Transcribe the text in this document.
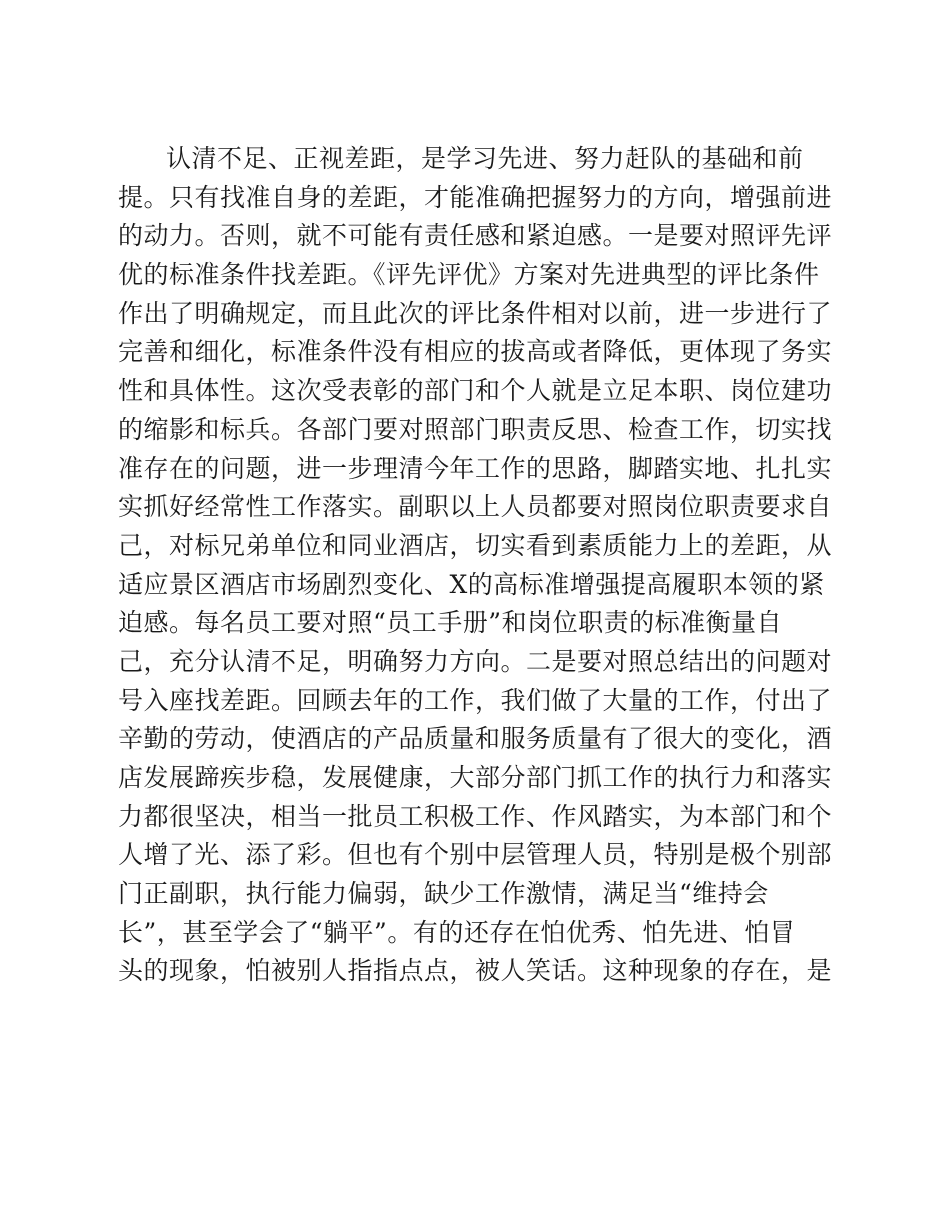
认清不足、正视差距，是学习先进、努力赶队的基础和前
提。只有找准自身的差距，才能准确把握努力的方向，增强前进
的动力。否则，就不可能有责任感和紧迫感。一是要对照评先评
优的标准条件找差距。《评先评优》方案对先进典型的评比条件
作出了明确规定，而且此次的评比条件相对以前，进一步进行了
完善和细化，标准条件没有相应的拔高或者降低，更体现了务实
性和具体性。这次受表彰的部门和个人就是立足本职、岗位建功
的缩影和标兵。各部门要对照部门职责反思、检查工作，切实找
准存在的问题，进一步理清今年工作的思路，脚踏实地、扎扎实
实抓好经常性工作落实。副职以上人员都要对照岗位职责要求自
己，对标兄弟单位和同业酒店，切实看到素质能力上的差距，从
适应景区酒店市场剧烈变化、X的高标准增强提高履职本领的紧
迫感。每名员工要对照“员工手册”和岗位职责的标准衡量自
己，充分认清不足，明确努力方向。二是要对照总结出的问题对
号入座找差距。回顾去年的工作，我们做了大量的工作，付出了
辛勤的劳动，使酒店的产品质量和服务质量有了很大的变化，酒
店发展蹄疾步稳，发展健康，大部分部门抓工作的执行力和落实
力都很坚决，相当一批员工积极工作、作风踏实，为本部门和个
人增了光、添了彩。但也有个别中层管理人员，特别是极个别部
门正副职，执行能力偏弱，缺少工作激情，满足当“维持会
长”，甚至学会了“躺平”。有的还存在怕优秀、怕先进、怕冒
头的现象，怕被别人指指点点，被人笑话。这种现象的存在，是
